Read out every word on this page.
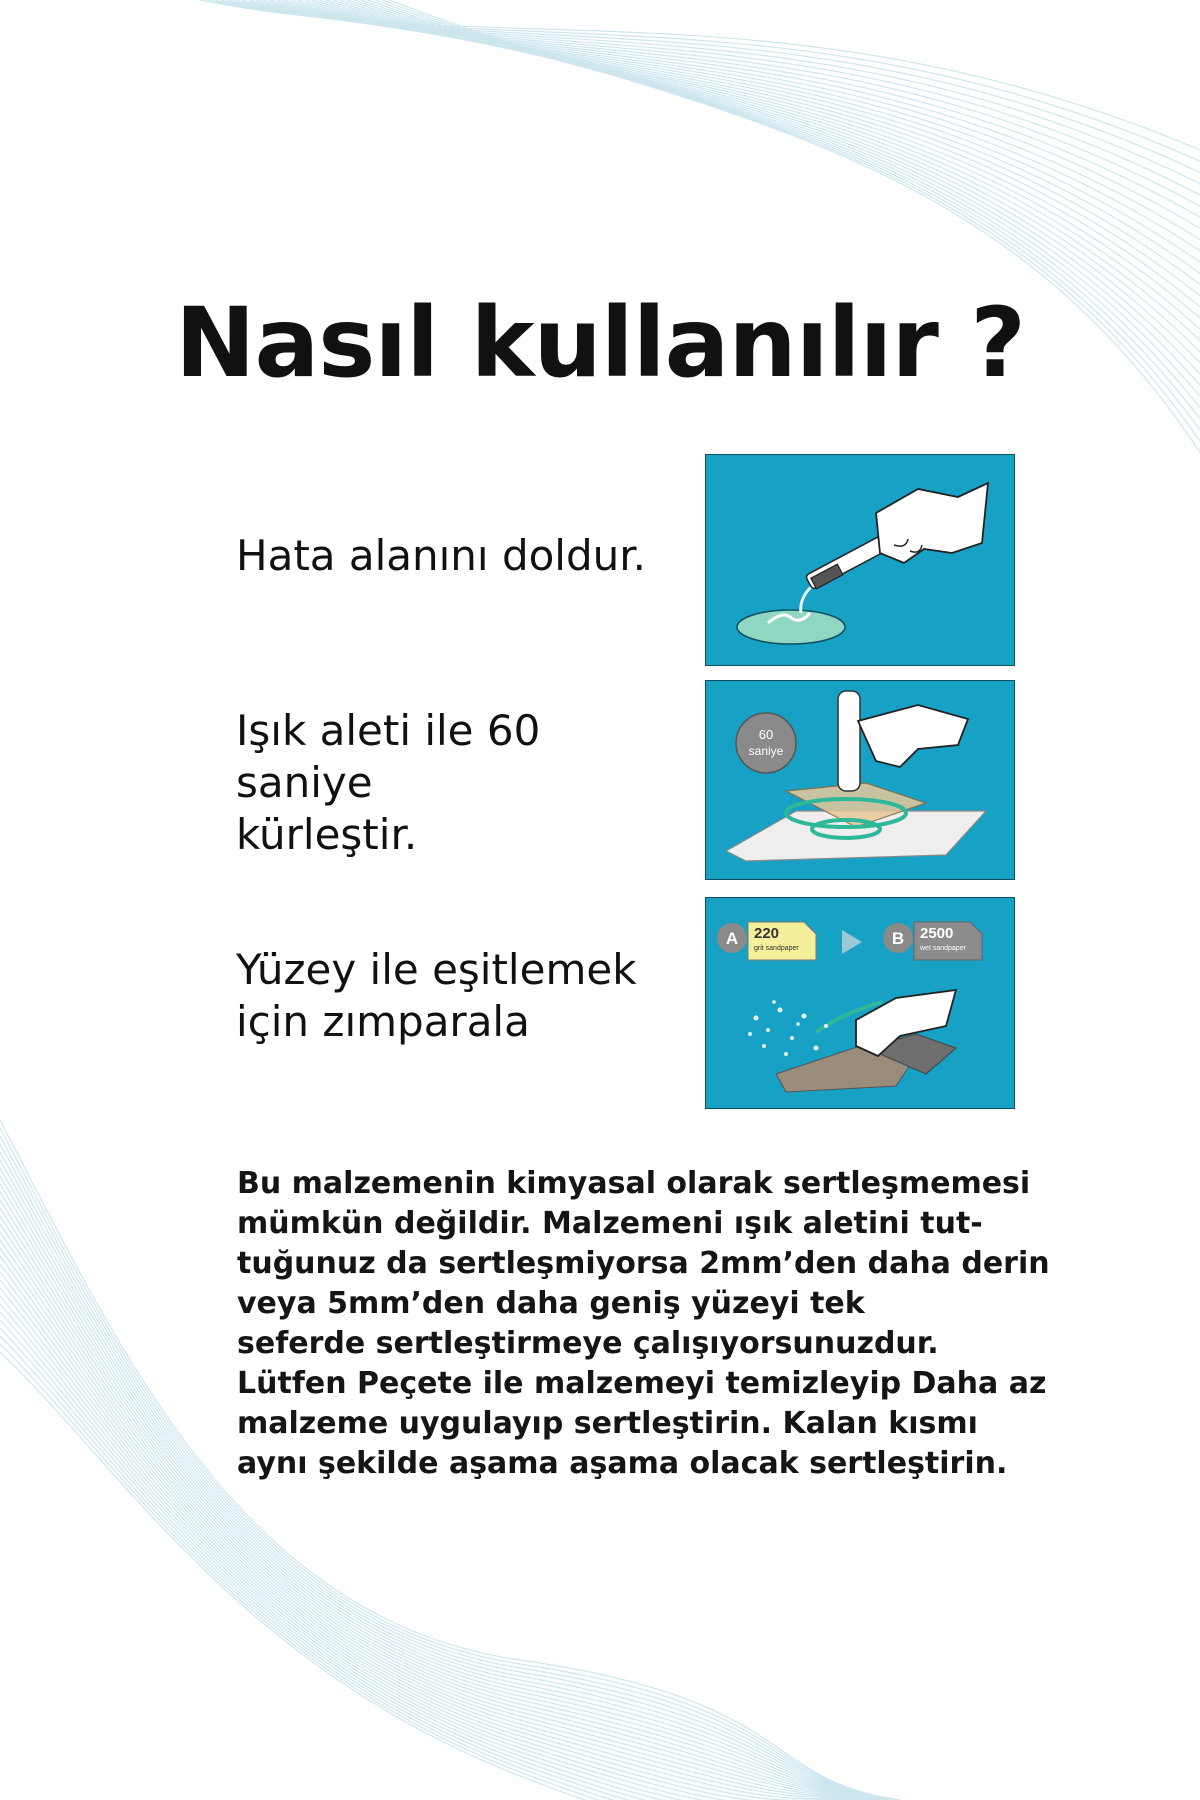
Nasıl kullanılır ?
Hata alanını doldur.
Işık aleti ile 60
saniye
kürleştir.
60
saniye
Yüzey ile eşitlemek
için zımparala
A 220
grit sandpaper
B 2500
wet sandpaper
Bu malzemenin kimyasal olarak sertleşmemesi
mümkün değildir. Malzemeni ışık aletini tut-
tuğunuz da sertleşmiyorsa 2mm’den daha derin
veya 5mm’den daha geniş yüzeyi tek
seferde sertleştirmeye çalışıyorsunuzdur.
Lütfen Peçete ile malzemeyi temizleyip Daha az
malzeme uygulayıp sertleştirin. Kalan kısmı
aynı şekilde aşama aşama olacak sertleştirin.
